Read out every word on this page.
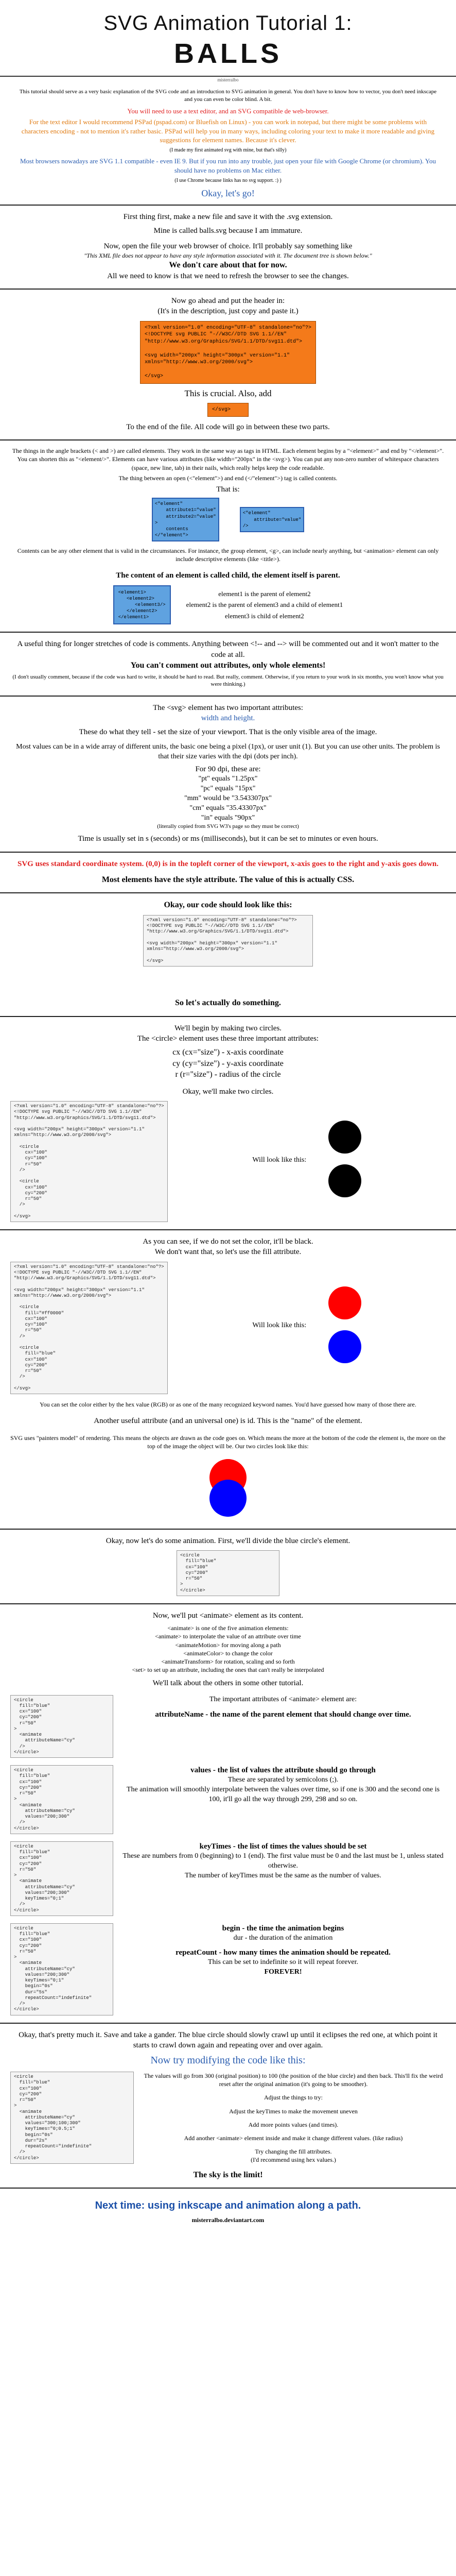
SVG Animation Tutorial 1:
BALLS
misterralbo

This tutorial should serve as a very basic explanation of the SVG code and an introduction to SVG animation in general. You don't have to know how to vector, you don't need inkscape and you can even be color blind. A bit.

You will need to use a text editor, and an SVG compatible de web-browser.

For the text editor I would recommend PSPad (pspad.com) or Bluefish on Linux) - you can work in notepad, but there might be some problems with characters encoding - not to mention it's rather basic. PSPad will help you in many ways, including coloring your text to make it more readable and giving suggestions for element names. Because it's clever.

(I made my first animated svg with mine, but that's silly)

Most browsers nowadays are SVG 1.1 compatible - even IE 9. But if you run into any trouble, just open your file with Google Chrome (or chromium). You should have no problems on Mac either.

(I use Chrome because links has no svg support. :) )

Okay, let's go!

First thing first, make a new file and save it with the .svg extension.

Mine is called balls.svg because I am immature.

Now, open the file your web browser of choice. It'll probably say something like

"This XML file does not appear to have any style information associated with it. The document tree is shown below."

We don't care about that for now.

All we need to know is that we need to refresh the browser to see the changes.

Now go ahead and put the header in:

(It's in the description, just copy and paste it.)

<?xml version="1.0" encoding="UTF-8" standalone="no"?>
<!DOCTYPE svg PUBLIC "-//W3C//DTD SVG 1.1//EN"
"http://www.w3.org/Graphics/SVG/1.1/DTD/svg11.dtd">

<svg width="200px" height="300px" version="1.1"
xmlns="http://www.w3.org/2000/svg">

</svg>

This is crucial. Also, add

</svg>

To the end of the file. All code will go in between these two parts.

The things in the angle brackets (< and >) are called elements. They work in the same way as tags in HTML. Each element begins by a "<element>" and end by "</element>". You can shorten this as "<element/>". Elements can have various attributes (like width="200px" in the <svg>). You can put any non-zero number of whitespace characters (space, new line, tab) in their nails, which really helps keep the code readable.

The thing between an open (<"element">) and end (</"element">) tag is called contents.

That is:

<"element"
attribute1="value"
attribute2="value"
>
contents
</"element">
<"element"
attribute="value"
/>

Contents can be any other element that is valid in the circumstances. For instance, the group element, <g>, can include nearly anything, but <animation> element can only include descriptive elements (like <title>).

The content of an element is called child, the element itself is parent.

<element1>
<element2>
<element3/>
</element2>
</element1>

element1 is the parent of element2

element2 is the parent of element3 and a child of element1

element3 is child of element2

A useful thing for longer stretches of code is comments. Anything between <!-- and --> will be commented out and it won't matter to the code at all.

You can't comment out attributes, only whole elements!

(I don't usually comment, because if the code was hard to write, it should be hard to read. But really, comment. Otherwise, if you return to your work in six months, you won't know what you were thinking.)

The <svg> element has two important attributes:

width and height.

These do what they tell - set the size of your viewport. That is the only visible area of the image.

Most values can be in a wide array of different units, the basic one being a pixel (1px), or user unit (1). But you can use other units. The problem is that their size varies with the dpi (dots per inch).

For 90 dpi, these are:

"pt" equals "1.25px"

"pc" equals "15px"

"mm" would be "3.543307px"

"cm" equals "35.43307px"

"in" equals "90px"

(literally copied from SVG W3's page so they must be correct)

Time is usually set in s (seconds) or ms (milliseconds), but it can be set to minutes or even hours.

SVG uses standard coordinate system. (0,0) is in the topleft corner of the viewport, x-axis goes to the right and y-axis goes down.

Most elements have the style attribute. The value of this is actually CSS.

Okay, our code should look like this:

<?xml version="1.0" encoding="UTF-8" standalone="no"?>
<!DOCTYPE svg PUBLIC "-//W3C//DTD SVG 1.1//EN"
"http://www.w3.org/Graphics/SVG/1.1/DTD/svg11.dtd">

<svg width="200px" height="300px" version="1.1"
xmlns="http://www.w3.org/2000/svg">

</svg>

So let's actually do something.

We'll begin by making two circles.

The <circle> element uses these three important attributes:

cx (cx="size") - x-axis coordinate

cy (cy="size") - y-axis coordinate

r (r="size") - radius of the circle

Okay, we'll make two circles.

<?xml version="1.0" encoding="UTF-8" standalone="no"?>
<!DOCTYPE svg PUBLIC "-//W3C//DTD SVG 1.1//EN"
"http://www.w3.org/Graphics/SVG/1.1/DTD/svg11.dtd">

<svg width="200px" height="300px" version="1.1"
xmlns="http://www.w3.org/2000/svg">

<circle
cx="100"
cy="100"
r="50"
/>

<circle
cx="100"
cy="200"
r="50"
/>

</svg>
Will look like this:

As you can see, if we do not set the color, it'll be black.

We don't want that, so let's use the fill attribute.

<?xml version="1.0" encoding="UTF-8" standalone="no"?>
<!DOCTYPE svg PUBLIC "-//W3C//DTD SVG 1.1//EN"
"http://www.w3.org/Graphics/SVG/1.1/DTD/svg11.dtd">

<svg width="200px" height="300px" version="1.1"
xmlns="http://www.w3.org/2000/svg">

<circle
fill="#ff0000"
cx="100"
cy="100"
r="50"
/>

<circle
fill="blue"
cx="100"
cy="200"
r="50"
/>

</svg>
Will look like this:

You can set the color either by the hex value (RGB) or as one of the many recognized keyword names. You'd have guessed how many of those there are.

Another useful attribute (and an universal one) is id. This is the "name" of the element.

SVG uses "painters model" of rendering. This means the objects are drawn as the code goes on. Which means the more at the bottom of the code the element is, the more on the top of the image the object will be. Our two circles look like this:

Okay, now let's do some animation. First, we'll divide the blue circle's element.

<circle
fill="blue"
cx="100"
cy="200"
r="50"
>
</circle>

Now, we'll put <animate> element as its content.

<animate> is one of the five animation elements:

<animate> to interpolate the value of an attribute over time

<animateMotion> for moving along a path

<animateColor> to change the color

<animateTransform> for rotation, scaling and so forth

<set> to set up an attribute, including the ones that can't really be interpolated

We'll talk about the others in some other tutorial.

<circle
fill="blue"
cx="100"
cy="200"
r="50"
>
<animate
attributeName="cy"
/>
</circle>

The important attributes of <animate> element are:

attributeName - the name of the parent element that should change over time.

<circle
fill="blue"
cx="100"
cy="200"
r="50"
>
<animate
attributeName="cy"
values="200;300"
/>
</circle>

values - the list of values the attribute should go through

These are separated by semicolons (;).

The animation will smoothly interpolate between the values over time, so if one is 300 and the second one is 100, it'll go all the way through 299, 298 and so on.

<circle
fill="blue"
cx="100"
cy="200"
r="50"
>
<animate
attributeName="cy"
values="200;300"
keyTimes="0;1"
/>
</circle>

keyTimes - the list of times the values should be set

These are numbers from 0 (beginning) to 1 (end). The first value must be 0 and the last must be 1, unless stated otherwise.

The number of keyTimes must be the same as the number of values.

<circle
fill="blue"
cx="100"
cy="200"
r="50"
>
<animate
attributeName="cy"
values="200;300"
keyTimes="0;1"
begin="0s"
dur="5s"
repeatCount="indefinite"
/>
</circle>

begin - the time the animation begins

dur - the duration of the animation

repeatCount - how many times the animation should be repeated.

This can be set to indefinite so it will repeat forever.

FOREVER!

Okay, that's pretty much it. Save and take a gander. The blue circle should slowly crawl up until it eclipses the red one, at which point it starts to crawl down again and repeating over and over again.

Now try modifying the code like this:

<circle
fill="blue"
cx="100"
cy="200"
r="50"
>
<animate
attributeName="cy"
values="300;100;300"
keyTimes="0;0.5;1"
begin="0s"
dur="2s"
repeatCount="indefinite"
/>
</circle>

The values will go from 300 (original position) to 100 (the position of the blue circle) and then back. This'll fix the weird reset after the original animation (it's going to be smoother).

Adjust the things to try:

Adjust the keyTimes to make the movement uneven

Add more points values (and times).

Add another <animate> element inside and make it change different values. (like radius)

Try changing the fill attributes.

(I'd recommend using hex values.)

The sky is the limit!

Next time: using inkscape and animation along a path.

misterralbo.deviantart.com
